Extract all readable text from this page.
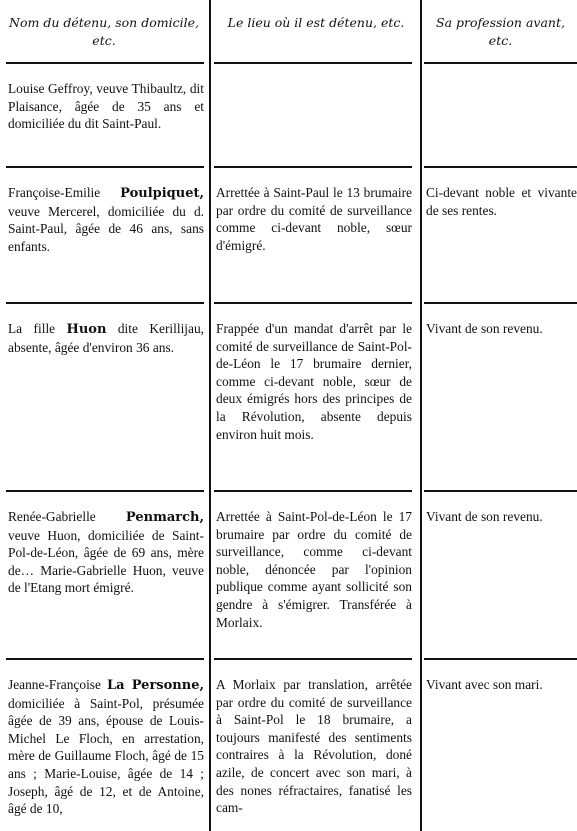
Nom du détenu, son domicile, etc.
Le lieu où il est détenu, etc.	Sa profession avant, etc.
Louise Geffroy, veuve Thibaultz, dit Plaisance, âgée de 35 ans et domiciliée du dit Saint-Paul.
Françoise-Emilie Poulpiquet, veuve Mercerel, domiciliée du d. Saint-Paul, âgée de 46 ans, sans enfants.
Arrettée à Saint-Paul le 13 brumaire par ordre du comité de surveillance comme ci-devant noble, sœur d'émigré.
Ci-devant noble et vivante de ses rentes.
La fille Huon dite Kerillijau, absente, âgée d'environ 36 ans.
Frappée d'un mandat d'arrêt par le comité de surveillance de Saint-Pol-de-Léon le 17 brumaire dernier, comme ci-devant noble, sœur de deux émigrés hors des principes de la Révolution, absente depuis environ huit mois.
Vivant de son revenu.
Renée-Gabrielle Penmarch, veuve Huon, domiciliée de Saint-Pol-de-Léon, âgée de 69 ans, mère de… Marie-Gabrielle Huon, veuve de l'Etang mort émigré.
Arrettée à Saint-Pol-de-Léon le 17 brumaire par ordre du comité de surveillance, comme ci-devant noble, dénoncée par l'opinion publique comme ayant sollicité son gendre à s'émigrer. Transférée à Morlaix.
Vivant de son revenu.
Jeanne-Françoise La Personne, domiciliée à Saint-Pol, présumée âgée de 39 ans, épouse de Louis-Michel Le Floch, en arrestation, mère de Guillaume Floch, âgé de 15 ans ; Marie-Louise, âgée de 14 ; Joseph, âgé de 12, et de Antoine, âgé de 10,
A Morlaix par translation, arrêtée par ordre du comité de surveillance à Saint-Pol le 18 brumaire, a toujours manifesté des sentiments contraires à la Révolution, doné azile, de concert avec son mari, à des nones réfractaires, fanatisé les cam-
Vivant avec son mari.
